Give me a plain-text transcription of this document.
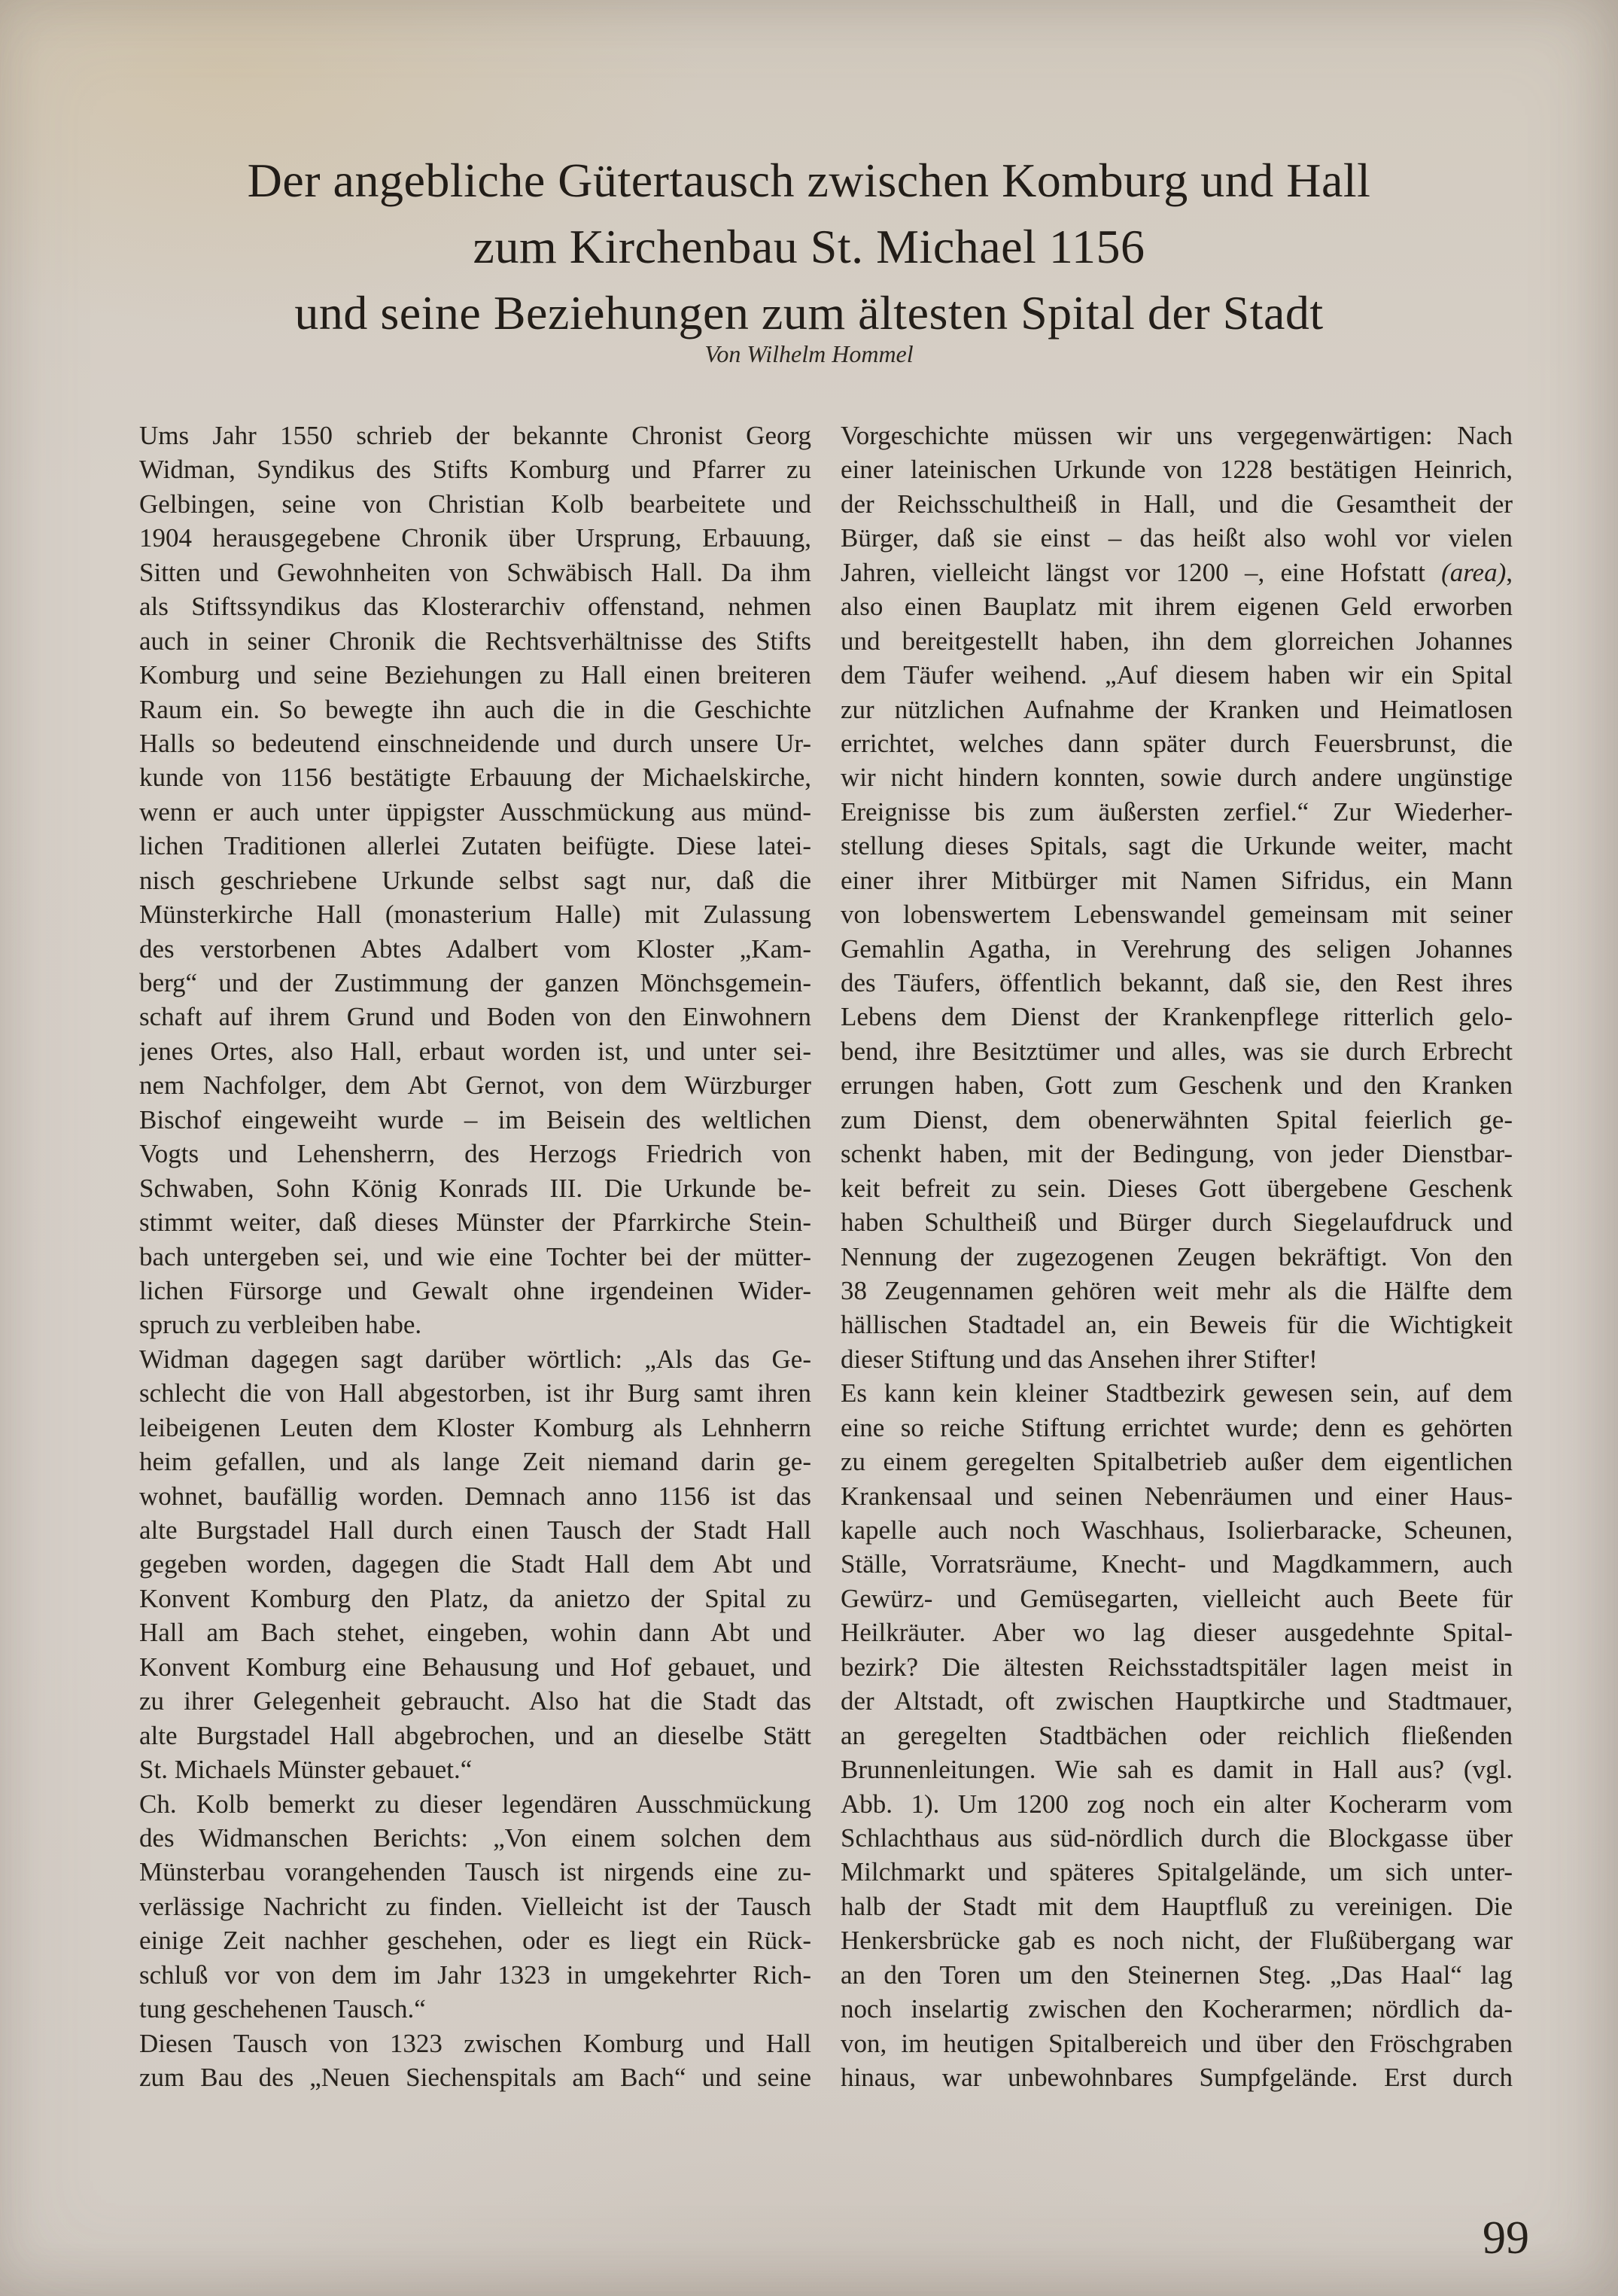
Der angebliche Gütertausch zwischen Komburg und Hall
zum Kirchenbau St. Michael 1156
und seine Beziehungen zum ältesten Spital der Stadt
Von Wilhelm Hommel
Ums Jahr 1550 schrieb der bekannte Chronist Georg
Widman, Syndikus des Stifts Komburg und Pfarrer zu
Gelbingen, seine von Christian Kolb bearbeitete und
1904 herausgegebene Chronik über Ursprung, Erbauung,
Sitten und Gewohnheiten von Schwäbisch Hall. Da ihm
als Stiftssyndikus das Klosterarchiv offenstand, nehmen
auch in seiner Chronik die Rechtsverhältnisse des Stifts
Komburg und seine Beziehungen zu Hall einen breiteren
Raum ein. So bewegte ihn auch die in die Geschichte
Halls so bedeutend einschneidende und durch unsere Ur-
kunde von 1156 bestätigte Erbauung der Michaelskirche,
wenn er auch unter üppigster Ausschmückung aus münd-
lichen Traditionen allerlei Zutaten beifügte. Diese latei-
nisch geschriebene Urkunde selbst sagt nur, daß die
Münsterkirche Hall (monasterium Halle) mit Zulassung
des verstorbenen Abtes Adalbert vom Kloster „Kam-
berg“ und der Zustimmung der ganzen Mönchsgemein-
schaft auf ihrem Grund und Boden von den Einwohnern
jenes Ortes, also Hall, erbaut worden ist, und unter sei-
nem Nachfolger, dem Abt Gernot, von dem Würzburger
Bischof eingeweiht wurde – im Beisein des weltlichen
Vogts und Lehensherrn, des Herzogs Friedrich von
Schwaben, Sohn König Konrads III. Die Urkunde be-
stimmt weiter, daß dieses Münster der Pfarrkirche Stein-
bach untergeben sei, und wie eine Tochter bei der mütter-
lichen Fürsorge und Gewalt ohne irgendeinen Wider-
spruch zu verbleiben habe.
Widman dagegen sagt darüber wörtlich: „Als das Ge-
schlecht die von Hall abgestorben, ist ihr Burg samt ihren
leibeigenen Leuten dem Kloster Komburg als Lehnherrn
heim gefallen, und als lange Zeit niemand darin ge-
wohnet, baufällig worden. Demnach anno 1156 ist das
alte Burgstadel Hall durch einen Tausch der Stadt Hall
gegeben worden, dagegen die Stadt Hall dem Abt und
Konvent Komburg den Platz, da anietzo der Spital zu
Hall am Bach stehet, eingeben, wohin dann Abt und
Konvent Komburg eine Behausung und Hof gebauet, und
zu ihrer Gelegenheit gebraucht. Also hat die Stadt das
alte Burgstadel Hall abgebrochen, und an dieselbe Stätt
St. Michaels Münster gebauet.“
Ch. Kolb bemerkt zu dieser legendären Ausschmückung
des Widmanschen Berichts: „Von einem solchen dem
Münsterbau vorangehenden Tausch ist nirgends eine zu-
verlässige Nachricht zu finden. Vielleicht ist der Tausch
einige Zeit nachher geschehen, oder es liegt ein Rück-
schluß vor von dem im Jahr 1323 in umgekehrter Rich-
tung geschehenen Tausch.“
Diesen Tausch von 1323 zwischen Komburg und Hall
zum Bau des „Neuen Siechenspitals am Bach“ und seine
Vorgeschichte müssen wir uns vergegenwärtigen: Nach
einer lateinischen Urkunde von 1228 bestätigen Heinrich,
der Reichsschultheiß in Hall, und die Gesamtheit der
Bürger, daß sie einst – das heißt also wohl vor vielen
Jahren, vielleicht längst vor 1200 –, eine Hofstatt (area),
also einen Bauplatz mit ihrem eigenen Geld erworben
und bereitgestellt haben, ihn dem glorreichen Johannes
dem Täufer weihend. „Auf diesem haben wir ein Spital
zur nützlichen Aufnahme der Kranken und Heimatlosen
errichtet, welches dann später durch Feuersbrunst, die
wir nicht hindern konnten, sowie durch andere ungünstige
Ereignisse bis zum äußersten zerfiel.“ Zur Wiederher-
stellung dieses Spitals, sagt die Urkunde weiter, macht
einer ihrer Mitbürger mit Namen Sifridus, ein Mann
von lobenswertem Lebenswandel gemeinsam mit seiner
Gemahlin Agatha, in Verehrung des seligen Johannes
des Täufers, öffentlich bekannt, daß sie, den Rest ihres
Lebens dem Dienst der Krankenpflege ritterlich gelo-
bend, ihre Besitztümer und alles, was sie durch Erbrecht
errungen haben, Gott zum Geschenk und den Kranken
zum Dienst, dem obenerwähnten Spital feierlich ge-
schenkt haben, mit der Bedingung, von jeder Dienstbar-
keit befreit zu sein. Dieses Gott übergebene Geschenk
haben Schultheiß und Bürger durch Siegelaufdruck und
Nennung der zugezogenen Zeugen bekräftigt. Von den
38 Zeugennamen gehören weit mehr als die Hälfte dem
hällischen Stadtadel an, ein Beweis für die Wichtigkeit
dieser Stiftung und das Ansehen ihrer Stifter!
Es kann kein kleiner Stadtbezirk gewesen sein, auf dem
eine so reiche Stiftung errichtet wurde; denn es gehörten
zu einem geregelten Spitalbetrieb außer dem eigentlichen
Krankensaal und seinen Nebenräumen und einer Haus-
kapelle auch noch Waschhaus, Isolierbaracke, Scheunen,
Ställe, Vorratsräume, Knecht- und Magdkammern, auch
Gewürz- und Gemüsegarten, vielleicht auch Beete für
Heilkräuter. Aber wo lag dieser ausgedehnte Spital-
bezirk? Die ältesten Reichsstadtspitäler lagen meist in
der Altstadt, oft zwischen Hauptkirche und Stadtmauer,
an geregelten Stadtbächen oder reichlich fließenden
Brunnenleitungen. Wie sah es damit in Hall aus? (vgl.
Abb. 1). Um 1200 zog noch ein alter Kocherarm vom
Schlachthaus aus süd-nördlich durch die Blockgasse über
Milchmarkt und späteres Spitalgelände, um sich unter-
halb der Stadt mit dem Hauptfluß zu vereinigen. Die
Henkersbrücke gab es noch nicht, der Flußübergang war
an den Toren um den Steinernen Steg. „Das Haal“ lag
noch inselartig zwischen den Kocherarmen; nördlich da-
von, im heutigen Spitalbereich und über den Fröschgraben
hinaus, war unbewohnbares Sumpfgelände. Erst durch
99
